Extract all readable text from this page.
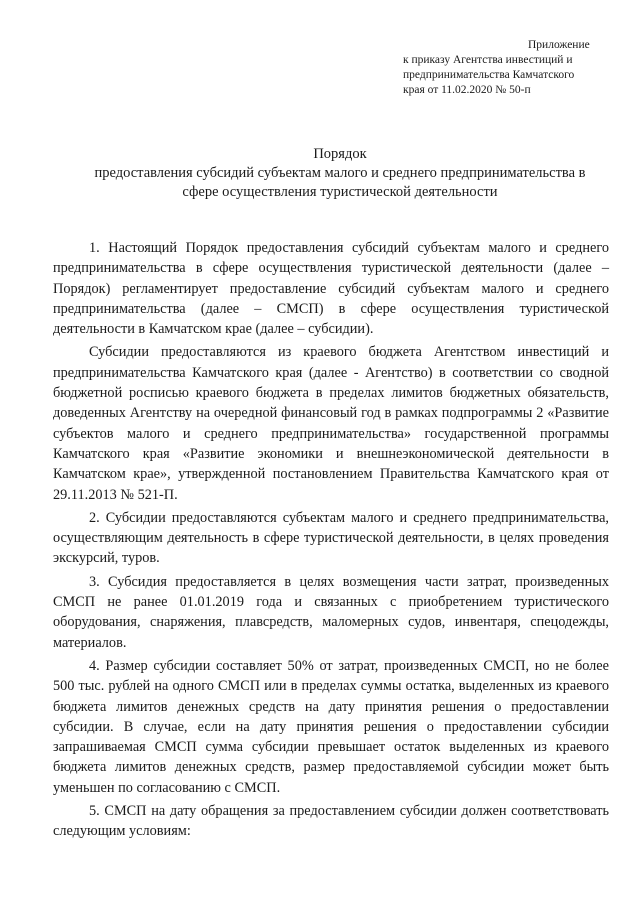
Приложение
к приказу Агентства инвестиций и
предпринимательства Камчатского
края от 11.02.2020 № 50-п
Порядок
предоставления субсидий субъектам малого и среднего предпринимательства в
сфере осуществления туристической деятельности

1. Настоящий Порядок предоставления субсидий субъектам малого и среднего предпринимательства в сфере осуществления туристической деятельности (далее – Порядок) регламентирует предоставление субсидий субъектам малого и среднего предпринимательства (далее – СМСП) в сфере осуществления туристической деятельности в Камчатском крае (далее – субсидии).

Субсидии предоставляются из краевого бюджета Агентством инвестиций и предпринимательства Камчатского края (далее - Агентство) в соответствии со сводной бюджетной росписью краевого бюджета в пределах лимитов бюджетных обязательств, доведенных Агентству на очередной финансовый год в рамках подпрограммы 2 «Развитие субъектов малого и среднего предпринимательства» государственной программы Камчатского края «Развитие экономики и внешнеэкономической деятельности в Камчатском крае», утвержденной постановлением Правительства Камчатского края от 29.11.2013 № 521-П.

2. Субсидии предоставляются субъектам малого и среднего предпринимательства, осуществляющим деятельность в сфере туристической деятельности, в целях проведения экскурсий, туров.

3. Субсидия предоставляется в целях возмещения части затрат, произведенных СМСП не ранее 01.01.2019 года и связанных с приобретением туристического оборудования, снаряжения, плавсредств, маломерных судов, инвентаря, спецодежды, материалов.

4. Размер субсидии составляет 50% от затрат, произведенных СМСП, но не более 500 тыс. рублей на одного СМСП или в пределах суммы остатка, выделенных из краевого бюджета лимитов денежных средств на дату принятия решения о предоставлении субсидии. В случае, если на дату принятия решения о предоставлении субсидии запрашиваемая СМСП сумма субсидии превышает остаток выделенных из краевого бюджета лимитов денежных средств, размер предоставляемой субсидии может быть уменьшен по согласованию с СМСП.

5. СМСП на дату обращения за предоставлением субсидии должен соответствовать следующим условиям:
